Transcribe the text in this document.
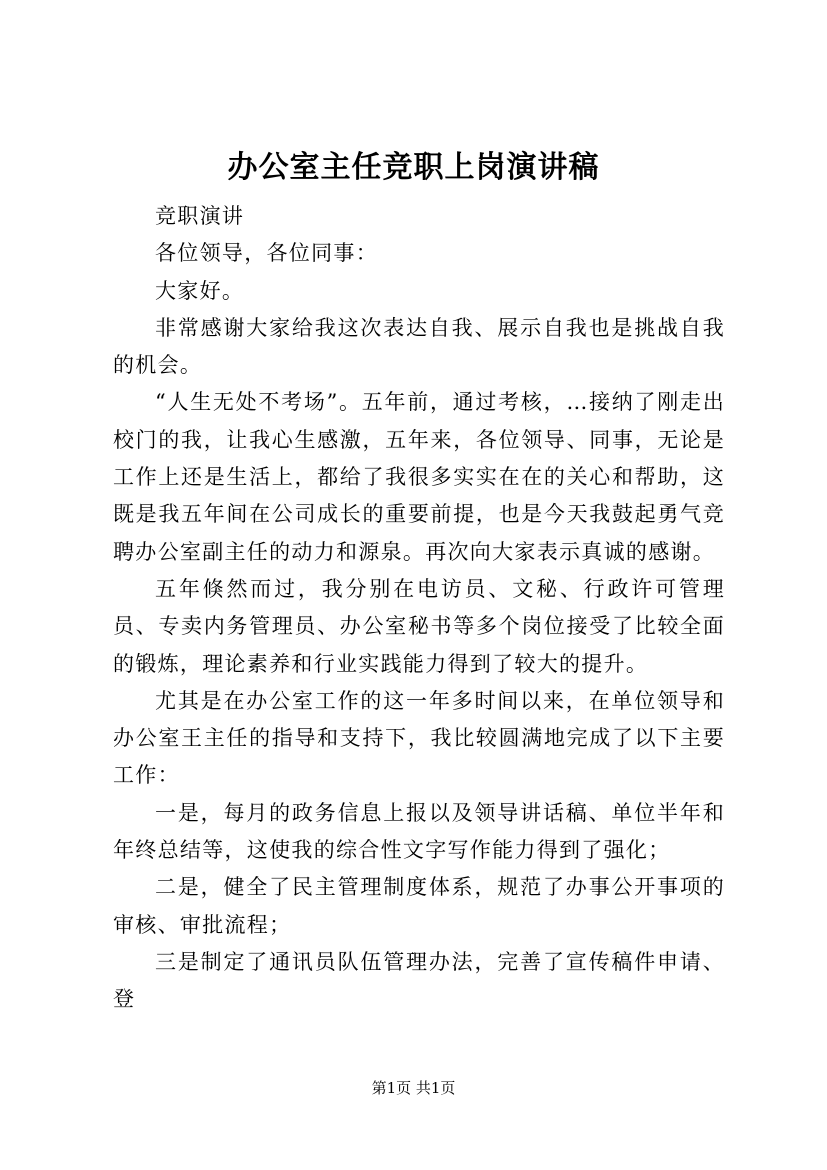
办公室主任竞职上岗演讲稿

竞职演讲

各位领导，各位同事：

大家好。

非常感谢大家给我这次表达自我、展示自我也是挑战自我的机会。

“人生无处不考场”。五年前，通过考核，…接纳了刚走出校门的我，让我心生感激，五年来，各位领导、同事，无论是工作上还是生活上，都给了我很多实实在在的关心和帮助，这既是我五年间在公司成长的重要前提，也是今天我鼓起勇气竞聘办公室副主任的动力和源泉。再次向大家表示真诚的感谢。

五年倏然而过，我分别在电访员、文秘、行政许可管理员、专卖内务管理员、办公室秘书等多个岗位接受了比较全面的锻炼，理论素养和行业实践能力得到了较大的提升。

尤其是在办公室工作的这一年多时间以来，在单位领导和办公室王主任的指导和支持下，我比较圆满地完成了以下主要工作：

一是，每月的政务信息上报以及领导讲话稿、单位半年和年终总结等，这使我的综合性文字写作能力得到了强化；

二是，健全了民主管理制度体系，规范了办事公开事项的审核、审批流程；

三是制定了通讯员队伍管理办法，完善了宣传稿件申请、登

第1页 共1页
